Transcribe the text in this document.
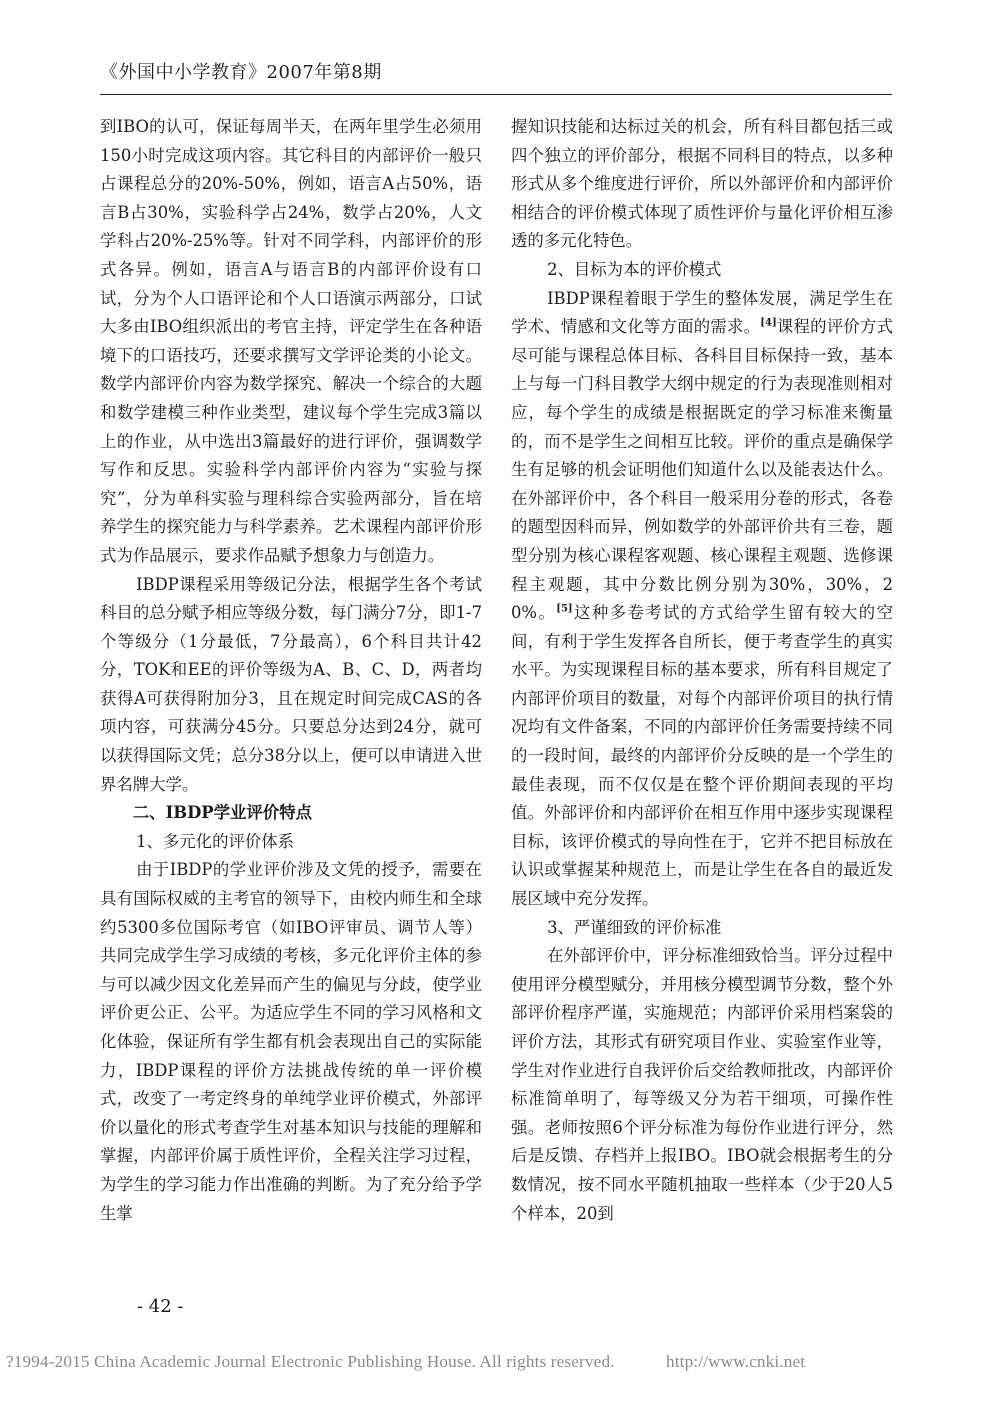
《外国中小学教育》2007年第8期

到IBO的认可，保证每周半天，在两年里学生必须用150小时完成这项内容。其它科目的内部评价一般只占课程总分的20%-50%，例如，语言A占50%，语言B占30%，实验科学占24%，数学占20%，人文学科占20%-25%等。针对不同学科，内部评价的形式各异。例如，语言A与语言B的内部评价设有口试，分为个人口语评论和个人口语演示两部分，口试大多由IBO组织派出的考官主持，评定学生在各种语境下的口语技巧，还要求撰写文学评论类的小论文。数学内部评价内容为数学探究、解决一个综合的大题和数学建模三种作业类型，建议每个学生完成3篇以上的作业，从中选出3篇最好的进行评价，强调数学写作和反思。实验科学内部评价内容为“实验与探究”，分为单科实验与理科综合实验两部分，旨在培养学生的探究能力与科学素养。艺术课程内部评价形式为作品展示，要求作品赋予想象力与创造力。

IBDP课程采用等级记分法，根据学生各个考试科目的总分赋予相应等级分数，每门满分7分，即1-7个等级分（1分最低，7分最高），6个科目共计42分，TOK和EE的评价等级为A、B、C、D，两者均获得A可获得附加分3，且在规定时间完成CAS的各项内容，可获满分45分。只要总分达到24分，就可以获得国际文凭；总分38分以上，便可以申请进入世界名牌大学。

二、IBDP学业评价特点

1、多元化的评价体系

由于IBDP的学业评价涉及文凭的授予，需要在具有国际权威的主考官的领导下，由校内师生和全球约5300多位国际考官（如IBO评审员、调节人等）共同完成学生学习成绩的考核，多元化评价主体的参与可以减少因文化差异而产生的偏见与分歧，使学业评价更公正、公平。为适应学生不同的学习风格和文化体验，保证所有学生都有机会表现出自己的实际能力，IBDP课程的评价方法挑战传统的单一评价模式，改变了一考定终身的单纯学业评价模式，外部评价以量化的形式考查学生对基本知识与技能的理解和掌握，内部评价属于质性评价，全程关注学习过程，为学生的学习能力作出准确的判断。为了充分给予学生掌

握知识技能和达标过关的机会，所有科目都包括三或四个独立的评价部分，根据不同科目的特点，以多种形式从多个维度进行评价，所以外部评价和内部评价相结合的评价模式体现了质性评价与量化评价相互渗透的多元化特色。

2、目标为本的评价模式

IBDP课程着眼于学生的整体发展，满足学生在学术、情感和文化等方面的需求。[4]课程的评价方式尽可能与课程总体目标、各科目目标保持一致，基本上与每一门科目教学大纲中规定的行为表现准则相对应，每个学生的成绩是根据既定的学习标准来衡量的，而不是学生之间相互比较。评价的重点是确保学生有足够的机会证明他们知道什么以及能表达什么。在外部评价中，各个科目一般采用分卷的形式，各卷的题型因科而异，例如数学的外部评价共有三卷，题型分别为核心课程客观题、核心课程主观题、选修课程主观题，其中分数比例分别为30%，30%，20%。[5]这种多卷考试的方式给学生留有较大的空间，有利于学生发挥各自所长，便于考查学生的真实水平。为实现课程目标的基本要求，所有科目规定了内部评价项目的数量，对每个内部评价项目的执行情况均有文件备案，不同的内部评价任务需要持续不同的一段时间，最终的内部评价分反映的是一个学生的最佳表现，而不仅仅是在整个评价期间表现的平均值。外部评价和内部评价在相互作用中逐步实现课程目标，该评价模式的导向性在于，它并不把目标放在认识或掌握某种规范上，而是让学生在各自的最近发展区域中充分发挥。

3、严谨细致的评价标准

在外部评价中，评分标准细致恰当。评分过程中使用评分模型赋分，并用核分模型调节分数，整个外部评价程序严谨，实施规范；内部评价采用档案袋的评价方法，其形式有研究项目作业、实验室作业等，学生对作业进行自我评价后交给教师批改，内部评价标准简单明了，每等级又分为若干细项，可操作性强。老师按照6个评分标准为每份作业进行评分，然后是反馈、存档并上报IBO。IBO就会根据考生的分数情况，按不同水平随机抽取一些样本（少于20人5个样本，20到

- 42 -
?1994-2015 China Academic Journal Electronic Publishing House. All rights reserved.	http://www.cnki.net
